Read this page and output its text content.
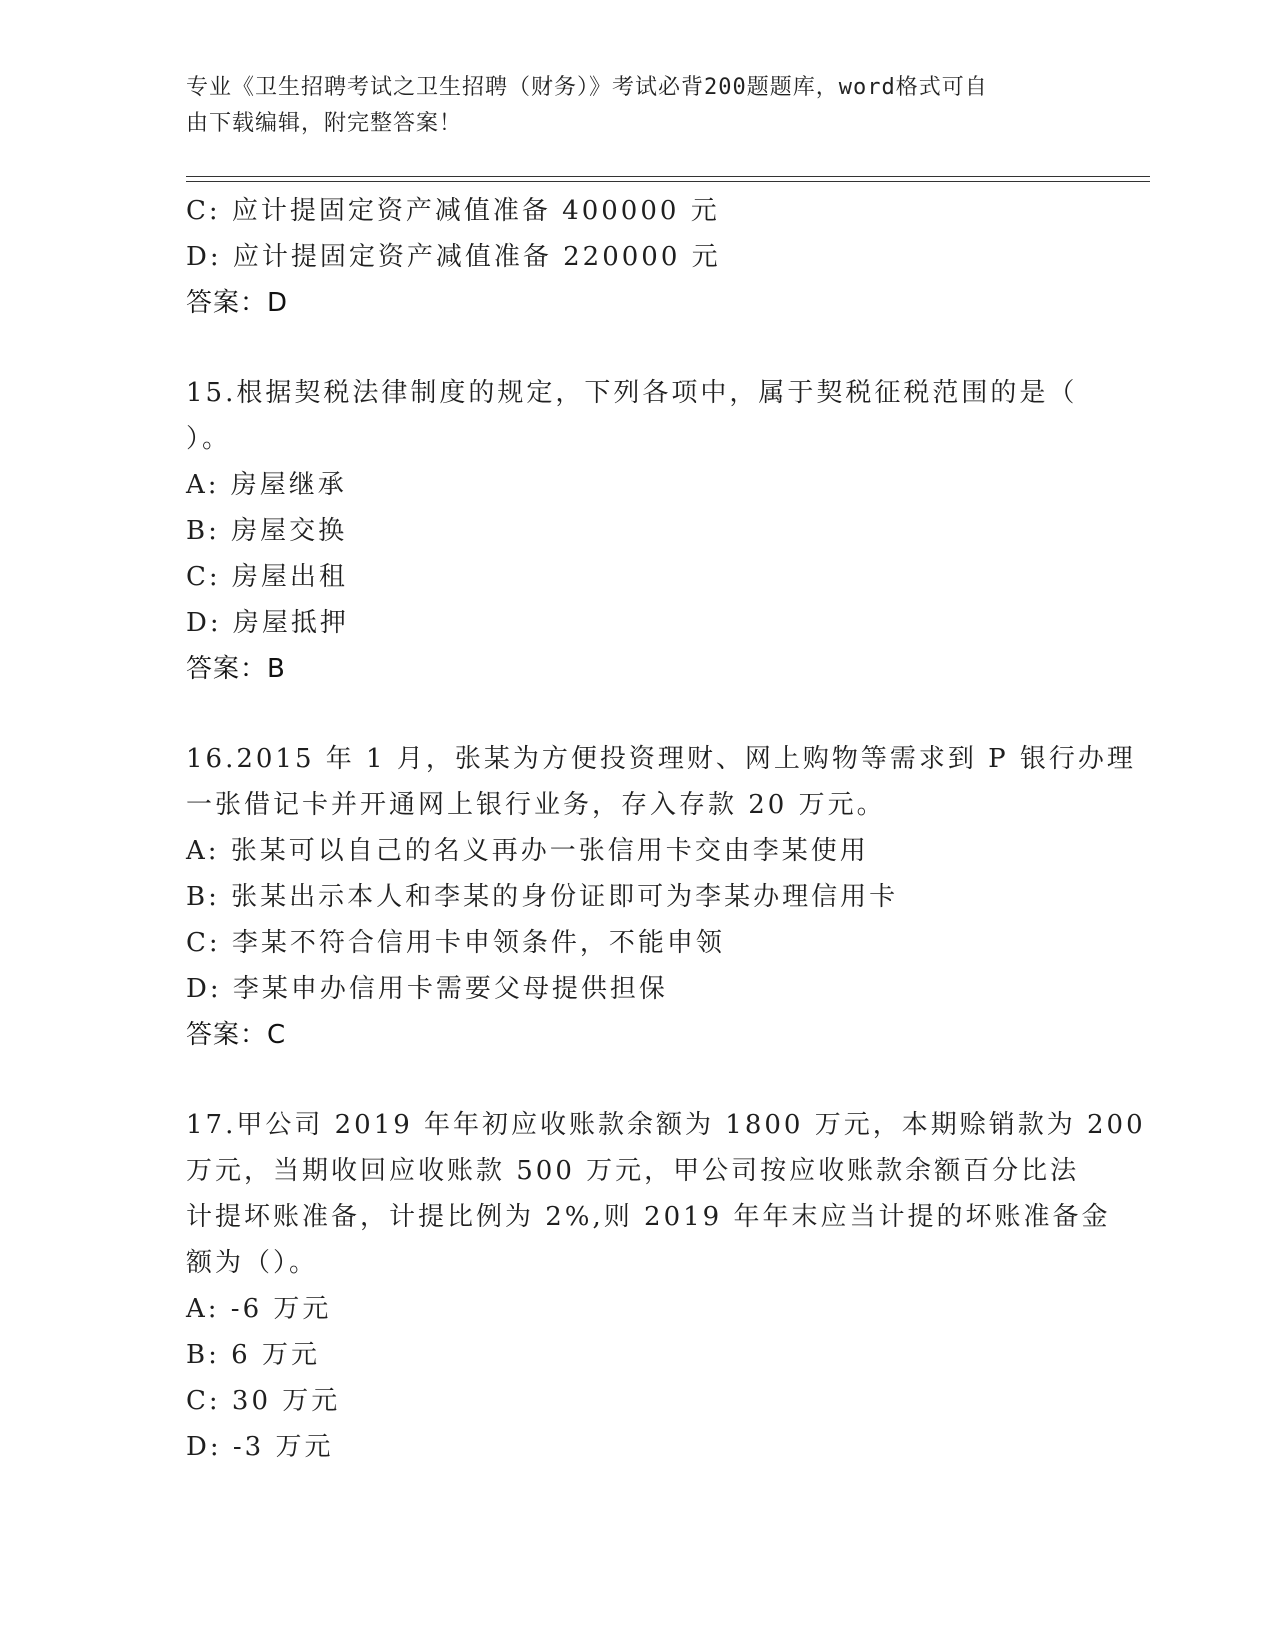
专业《卫生招聘考试之卫生招聘（财务）》考试必背200题题库，word格式可自
由下载编辑，附完整答案！
C: 应计提固定资产减值准备 400000 元
D: 应计提固定资产减值准备 220000 元
答案：D
15.根据契税法律制度的规定，下列各项中，属于契税征税范围的是（
）。
A: 房屋继承
B: 房屋交换
C: 房屋出租
D: 房屋抵押
答案：B
16.2015 年 1 月，张某为方便投资理财、网上购物等需求到 P 银行办理
一张借记卡并开通网上银行业务，存入存款 20 万元。
A: 张某可以自己的名义再办一张信用卡交由李某使用
B: 张某出示本人和李某的身份证即可为李某办理信用卡
C: 李某不符合信用卡申领条件，不能申领
D: 李某申办信用卡需要父母提供担保
答案：C
17.甲公司 2019 年年初应收账款余额为 1800 万元，本期赊销款为 200
万元，当期收回应收账款 500 万元，甲公司按应收账款余额百分比法
计提坏账准备，计提比例为 2%,则 2019 年年末应当计提的坏账准备金
额为（）。
A: -6 万元
B: 6 万元
C: 30 万元
D: -3 万元
